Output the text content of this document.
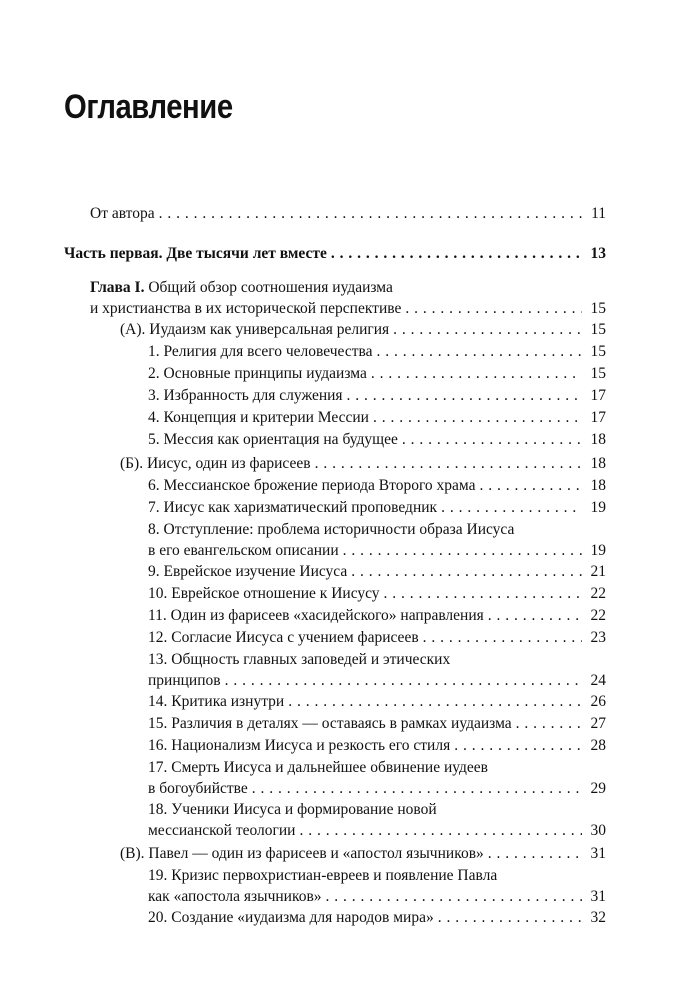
Оглавление
От автора . . .	11
Часть первая. Две тысячи лет вместе . . .	13
Глава I. Общий обзор соотношения иудаизма
и христианства в их исторической перспективе . . .	15
(А). Иудаизм как универсальная религия . . .	15
1. Религия для всего человечества . . .	15
2. Основные принципы иудаизма . . .	15
3. Избранность для служения . . .	17
4. Концепция и критерии Мессии . . .	17
5. Мессия как ориентация на будущее . . .	18
(Б). Иисус, один из фарисеев . . .	18
6. Мессианское брожение периода Второго храма . . .	18
7. Иисус как харизматический проповедник . . .	19
8. Отступление: проблема историчности образа Иисуса
в его евангельском описании . . .	19
9. Еврейское изучение Иисуса . . .	21
10. Еврейское отношение к Иисусу . . .	22
11. Один из фарисеев «хасидейского» направления . . .	22
12. Согласие Иисуса с учением фарисеев . . .	23
13. Общность главных заповедей и этических
принципов . . .	24
14. Критика изнутри . . .	26
15. Различия в деталях — оставаясь в рамках иудаизма . . .	27
16. Национализм Иисуса и резкость его стиля . . .	28
17. Смерть Иисуса и дальнейшее обвинение иудеев
в богоубийстве . . .	29
18. Ученики Иисуса и формирование новой
мессианской теологии . . .	30
(В). Павел — один из фарисеев и «апостол язычников» . . .	31
19. Кризис первохристиан-евреев и появление Павла
как «апостола язычников» . . .	31
20. Создание «иудаизма для народов мира» . . .	32
